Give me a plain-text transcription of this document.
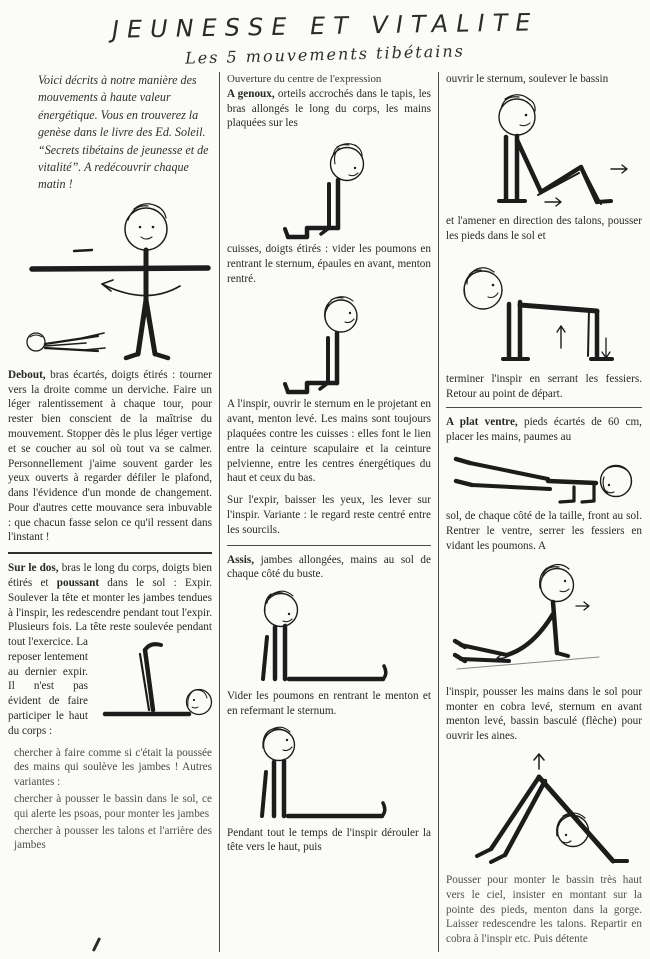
JEUNESSE ET VITALITE
Les 5 mouvements tibétains

Voici décrits à notre manière des mouvements à haute valeur énergétique. Vous en trouverez la genèse dans le livre des Ed. Soleil. “Secrets tibétains de jeunesse et de vitalité”. A redécouvrir chaque matin !

Debout, bras écartés, doigts étirés : tourner vers la droite comme un derviche. Faire un léger ralentissement à chaque tour, pour rester bien conscient de la maîtrise du mouvement. Stopper dès le plus léger vertige et se coucher au sol où tout va se calmer. Personnellement j'aime souvent garder les yeux ouverts à regarder défiler le plafond, dans l'évidence d'un monde de changement. Pour d'autres cette mouvance sera inbuvable : que chacun fasse selon ce qu'il ressent dans l'instant !

Sur le dos, bras le long du corps, doigts bien étirés et poussant dans le sol : Expir. Soulever la tête et monter les jambes tendues à l'inspir, les redescendre pendant tout l'expir. Plusieurs fois. La tête reste soulevée pendant tout l'exercice. La reposer lentement au dernier expir. Il n'est pas évident de faire participer le haut du corps :

chercher à faire comme si c'était la poussée des mains qui soulève les jambes ! Autres variantes :

chercher à pousser le bassin dans le sol, ce qui alerte les psoas, pour monter les jambes

chercher à pousser les talons et l'arrière des jambes

Ouverture du centre de l'expression
A genoux, orteils accrochés dans le tapis, les bras allongés le long du corps, les mains plaquées sur les

cuisses, doigts étirés : vider les poumons en rentrant le sternum, épaules en avant, menton rentré.

A l'inspir, ouvrir le sternum en le projetant en avant, menton levé. Les mains sont toujours plaquées contre les cuisses : elles font le lien entre la ceinture scapulaire et la ceinture pelvienne, entre les centres énergétiques du haut et ceux du bas.

Sur l'expir, baisser les yeux, les lever sur l'inspir. Variante : le regard reste centré entre les sourcils.

Assis, jambes allongées, mains au sol de chaque côté du buste.

Vider les poumons en rentrant le menton et en refermant le sternum.

Pendant tout le temps de l'inspir dérouler la tête vers le haut, puis

ouvrir le sternum, soulever le bassin

et l'amener en direction des talons, pousser les pieds dans le sol et

terminer l'inspir en serrant les fessiers. Retour au point de départ.

A plat ventre, pieds écartés de 60 cm, placer les mains, paumes au

sol, de chaque côté de la taille, front au sol. Rentrer le ventre, serrer les fessiers en vidant les poumons. A

l'inspir, pousser les mains dans le sol pour monter en cobra levé, sternum en avant menton levé, bassin basculé (flèche) pour ouvrir les aines.

Pousser pour monter le bassin très haut vers le ciel, insister en montant sur la pointe des pieds, menton dans la gorge. Laisser redescendre les talons. Repartir en cobra à l'inspir etc. Puis détente
